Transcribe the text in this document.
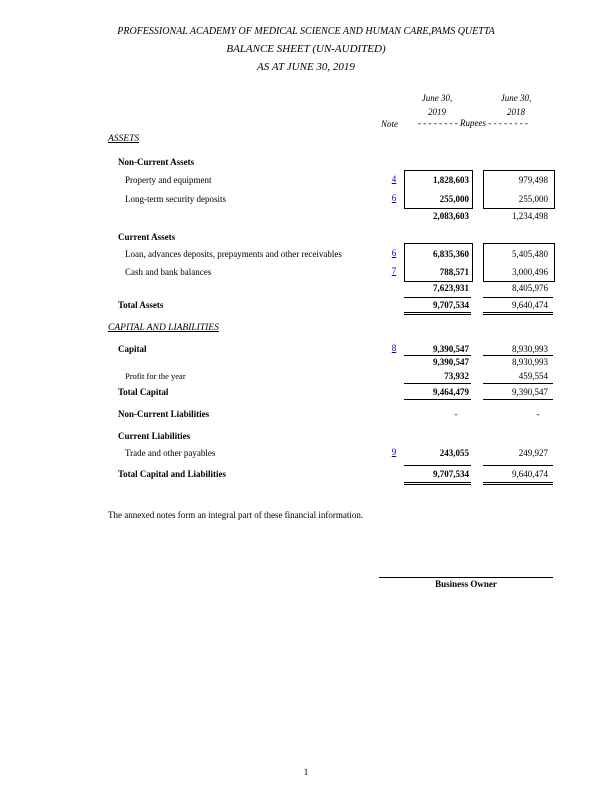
PROFESSIONAL ACADEMY OF MEDICAL SCIENCE AND HUMAN CARE,PAMS QUETTA
BALANCE SHEET (UN-AUDITED)
AS AT JUNE 30, 2019
June 30,
2019
June 30,
2018
Note - - - - - - - - Rupees - - - - - - - -
ASSETS
Non-Current Assets
Property and equipment	4	1,828,603	979,498
Long-term security deposits	6	255,000	255,000
2,083,603	1,234,498
Current Assets
Loan, advances deposits, prepayments and other receivables	6	6,835,360	5,405,480
Cash and bank balances	7	788,571	3,000,496
7,623,931	8,405,976
Total Assets	9,707,534	9,640,474
CAPITAL AND LIABILITIES
Capital	8	9,390,547	8,930,993
9,390,547	8,930,993
Profit for the year	73,932	459,554
Total Capital	9,464,479	9,390,547
Non-Current Liabilities	-	-
Current Liabilities
Trade and other payables	9	243,055	249,927
Total Capital and Liabilities	9,707,534	9,640,474
The annexed notes form an integral part of these financial information.
Business Owner
1
